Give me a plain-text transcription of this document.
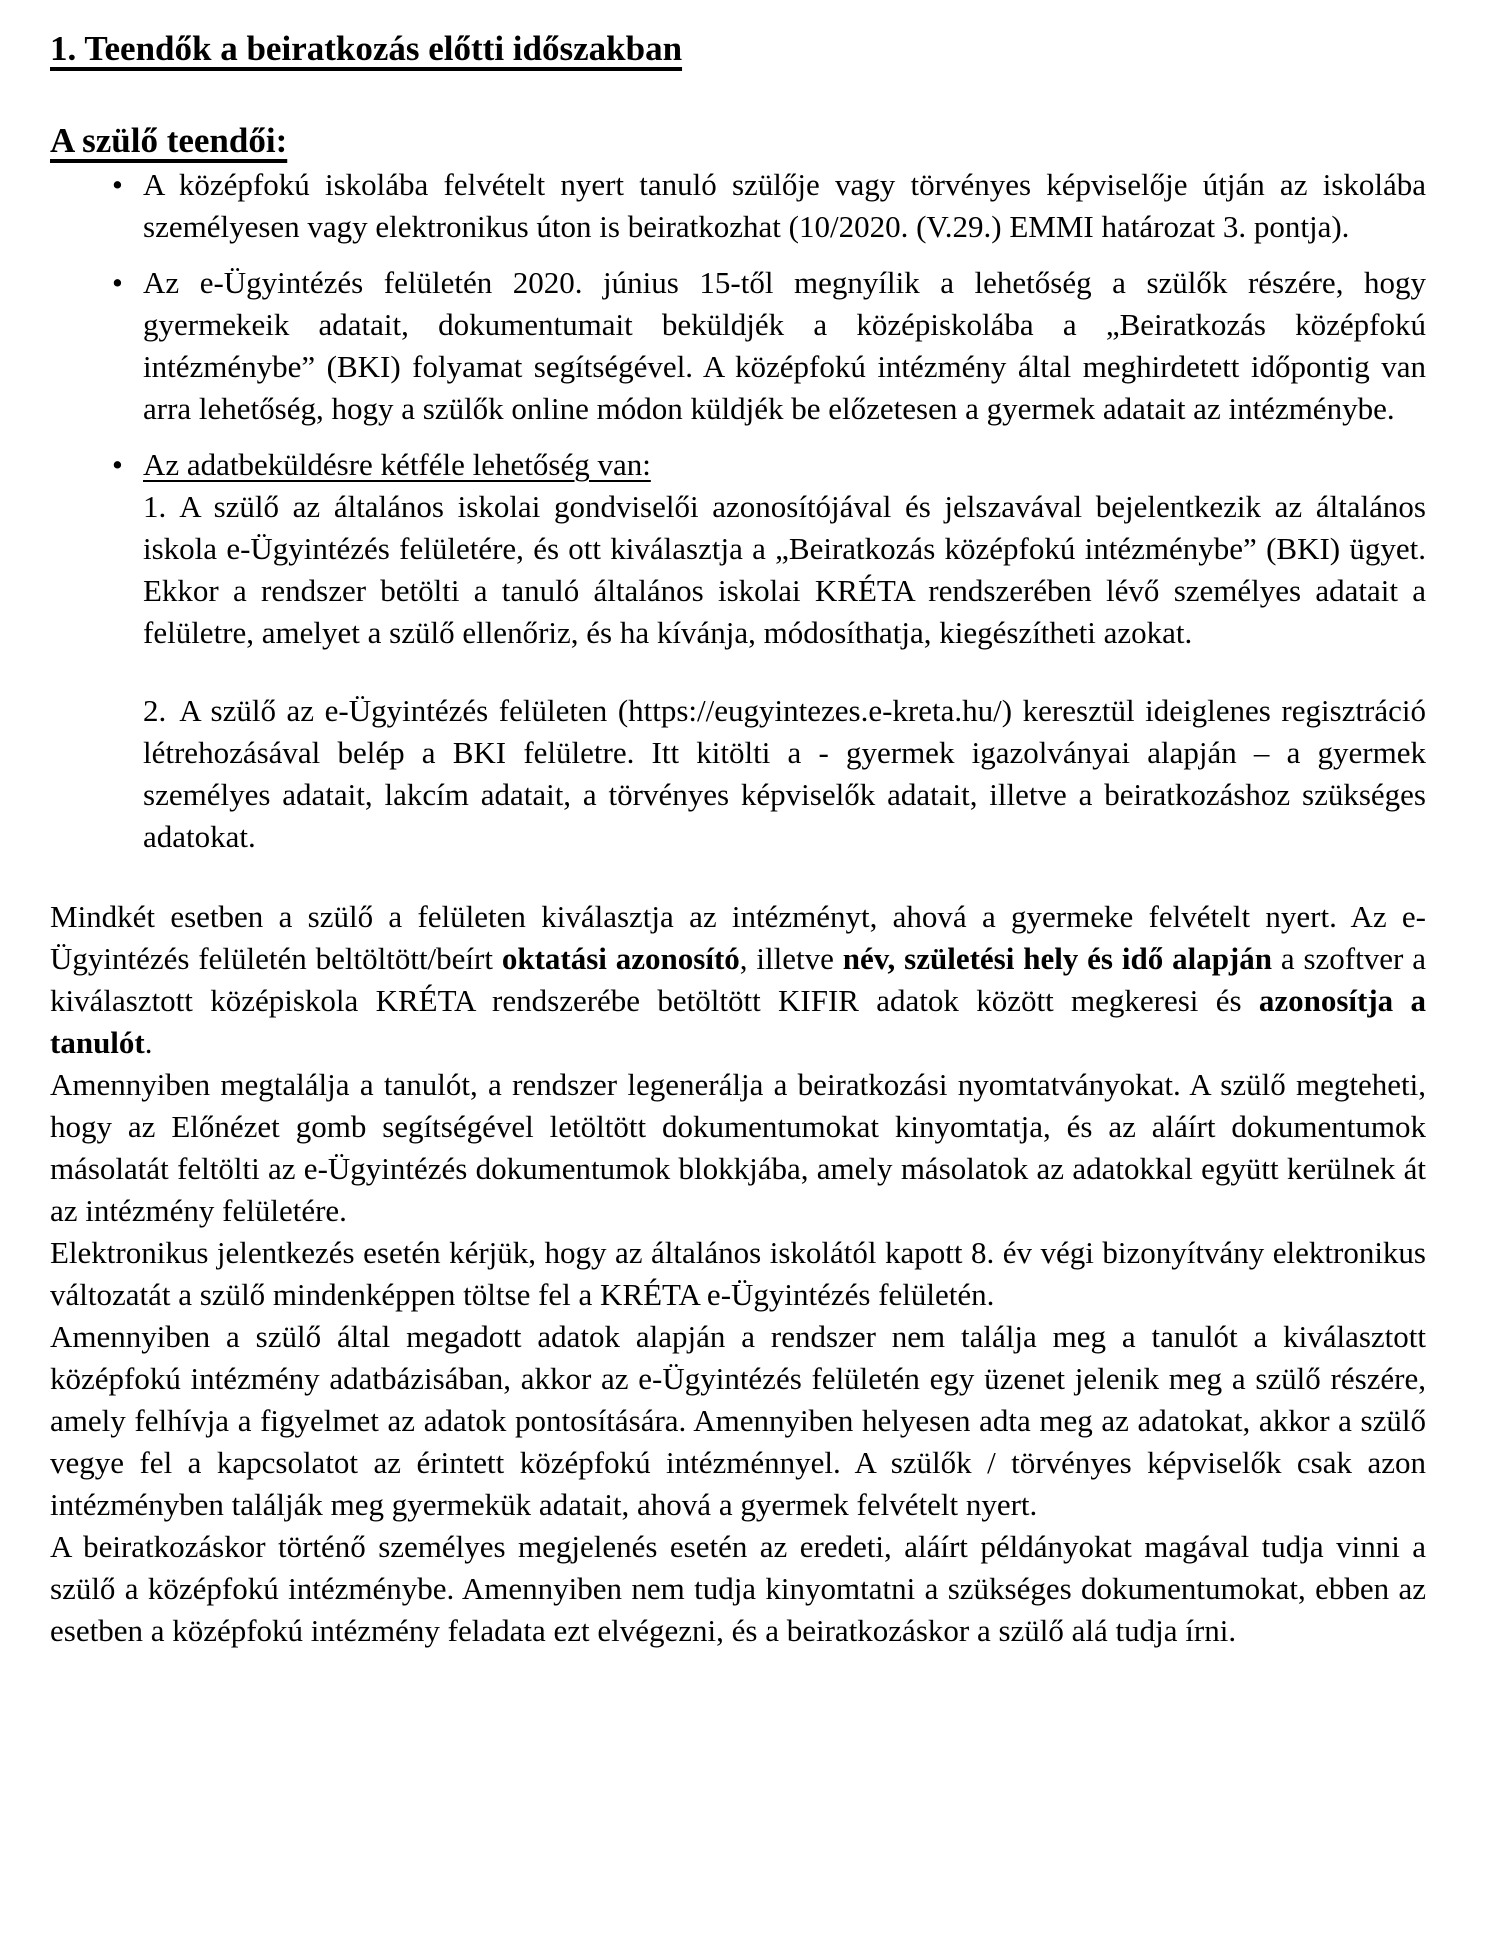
1. Teendők a beiratkozás előtti időszakban
A szülő teendői:
• A középfokú iskolába felvételt nyert tanuló szülője vagy törvényes képviselője útján az iskolába személyesen vagy elektronikus úton is beiratkozhat (10/2020. (V.29.) EMMI határozat 3. pontja).
• Az e-Ügyintézés felületén 2020. június 15-től megnyílik a lehetőség a szülők részére, hogy gyermekeik adatait, dokumentumait beküldjék a középiskolába a „Beiratkozás középfokú intézménybe” (BKI) folyamat segítségével. A középfokú intézmény által meghirdetett időpontig van arra lehetőség, hogy a szülők online módon küldjék be előzetesen a gyermek adatait az intézménybe.
• Az adatbeküldésre kétféle lehetőség van:

1. A szülő az általános iskolai gondviselői azonosítójával és jelszavával bejelentkezik az általános iskola e-Ügyintézés felületére, és ott kiválasztja a „Beiratkozás középfokú intézménybe” (BKI) ügyet. Ekkor a rendszer betölti a tanuló általános iskolai KRÉTA rendszerében lévő személyes adatait a felületre, amelyet a szülő ellenőriz, és ha kívánja, módosíthatja, kiegészítheti azokat.

2. A szülő az e-Ügyintézés felületen (https://eugyintezes.e-kreta.hu/) keresztül ideiglenes regisztráció létrehozásával belép a BKI felületre. Itt kitölti a - gyermek igazolványai alapján – a gyermek személyes adatait, lakcím adatait, a törvényes képviselők adatait, illetve a beiratkozáshoz szükséges adatokat.

Mindkét esetben a szülő a felületen kiválasztja az intézményt, ahová a gyermeke felvételt nyert. Az e-Ügyintézés felületén beltöltött/beírt oktatási azonosító, illetve név, születési hely és idő alapján a szoftver a kiválasztott középiskola KRÉTA rendszerébe betöltött KIFIR adatok között megkeresi és azonosítja a tanulót.

Amennyiben megtalálja a tanulót, a rendszer legenerálja a beiratkozási nyomtatványokat. A szülő megteheti, hogy az Előnézet gomb segítségével letöltött dokumentumokat kinyomtatja, és az aláírt dokumentumok másolatát feltölti az e-Ügyintézés dokumentumok blokkjába, amely másolatok az adatokkal együtt kerülnek át az intézmény felületére.

Elektronikus jelentkezés esetén kérjük, hogy az általános iskolától kapott 8. év végi bizonyítvány elektronikus változatát a szülő mindenképpen töltse fel a KRÉTA e-Ügyintézés felületén.

Amennyiben a szülő által megadott adatok alapján a rendszer nem találja meg a tanulót a kiválasztott középfokú intézmény adatbázisában, akkor az e-Ügyintézés felületén egy üzenet jelenik meg a szülő részére, amely felhívja a figyelmet az adatok pontosítására. Amennyiben helyesen adta meg az adatokat, akkor a szülő vegye fel a kapcsolatot az érintett középfokú intézménnyel. A szülők / törvényes képviselők csak azon intézményben találják meg gyermekük adatait, ahová a gyermek felvételt nyert.

A beiratkozáskor történő személyes megjelenés esetén az eredeti, aláírt példányokat magával tudja vinni a szülő a középfokú intézménybe. Amennyiben nem tudja kinyomtatni a szükséges dokumentumokat, ebben az esetben a középfokú intézmény feladata ezt elvégezni, és a beiratkozáskor a szülő alá tudja írni.
